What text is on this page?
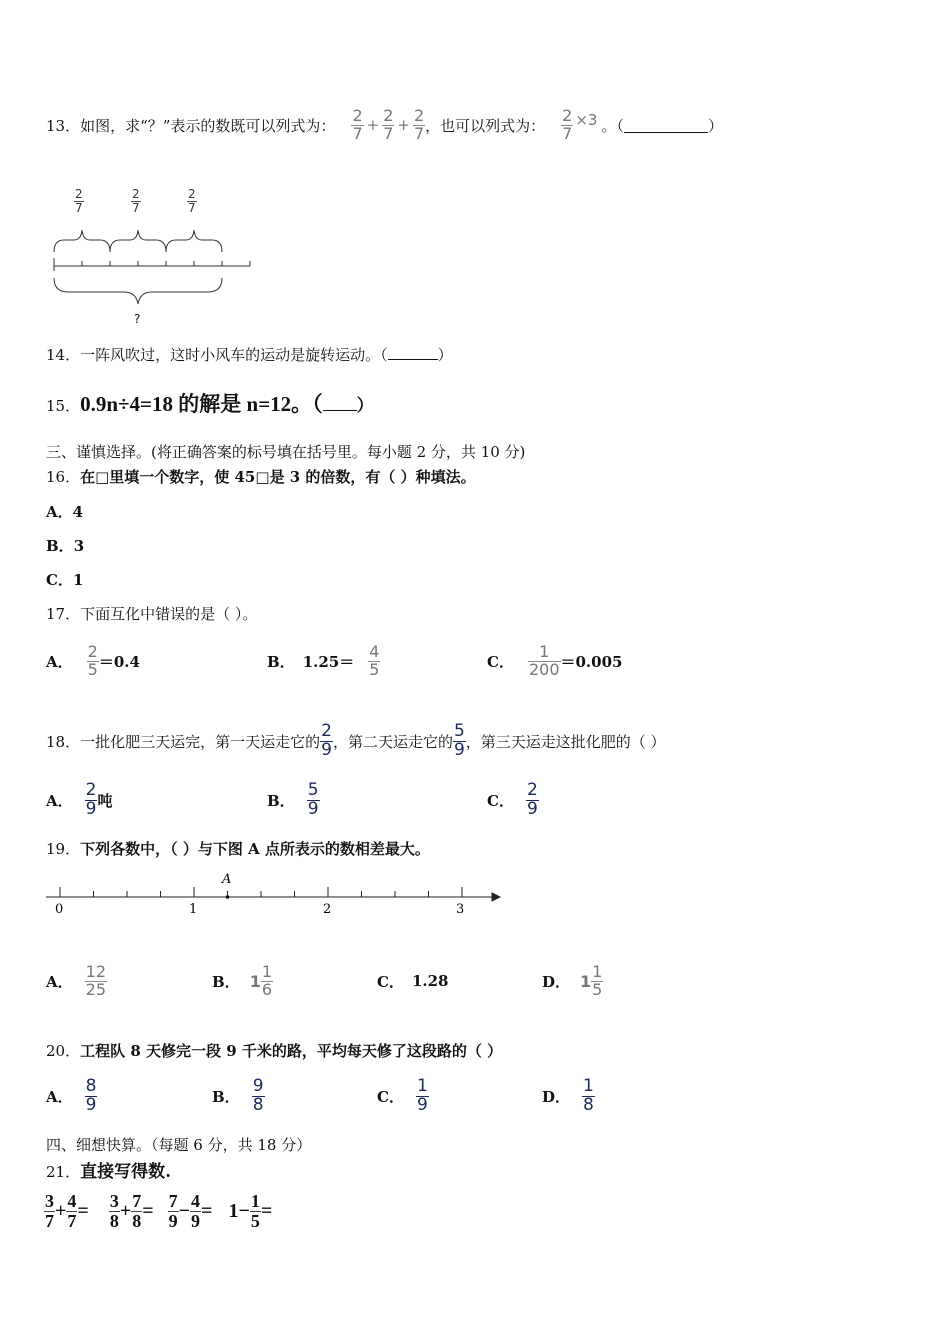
13． 如图，求“？”表示的数既可以列式为： $\frac{2}{7} + \frac{2}{7} + \frac{2}{7}$ ，也可以列式为： $\frac{2}{7} \times 3$ 。（	）
$\frac{2}{7}$	$\frac{2}{7}$	$\frac{2}{7}$
?
14．一阵风吹过，这时小风车的运动是旋转运动。（	）
15． 0.9n÷4=18 的解是 n=12。（ ）
三、谨慎选择。(将正确答案的标号填在括号里。每小题 2 分，共 10 分)
16．在□里填一个数字，使 45□是 3 的倍数，有（ ）种填法。
A． 4
B． 3
C． 1
17．下面互化中错误的是（ ）。
A． $\frac{2}{5} =0.4$	B． $1.25= \frac{4}{5}$	C． $\frac{1}{200} =0.005$
18． 一批化肥三天运完，第一天运走它的 $\frac{2}{9}$ ，第二天运走它的 $\frac{5}{9}$ ，第三天运走这批化肥的（ ）
A． $\frac{2}{9}$ 吨	B． $\frac{5}{9}$	C． $\frac{2}{9}$
19．下列各数中，（ ）与下图 A 点所表示的数相差最大。
A
0	1	2	3
A． $\frac{12}{25}$	B． $1 \frac{1}{6}$	C． 1.28	D． $1 \frac{1}{5}$
20．工程队 8 天修完一段 9 千米的路，平均每天修了这段路的（ ）
A． $\frac{8}{9}$	B． $\frac{9}{8}$	C． $\frac{1}{9}$	D． $\frac{1}{8}$
四、细想快算。（每题 6 分，共 18 分）
21．直接写得数.
$\frac{3}{7} + \frac{4}{7} = \frac{3}{8} + \frac{7}{8} = \frac{7}{9} - \frac{4}{9} = 1- \frac{1}{5}$ =
